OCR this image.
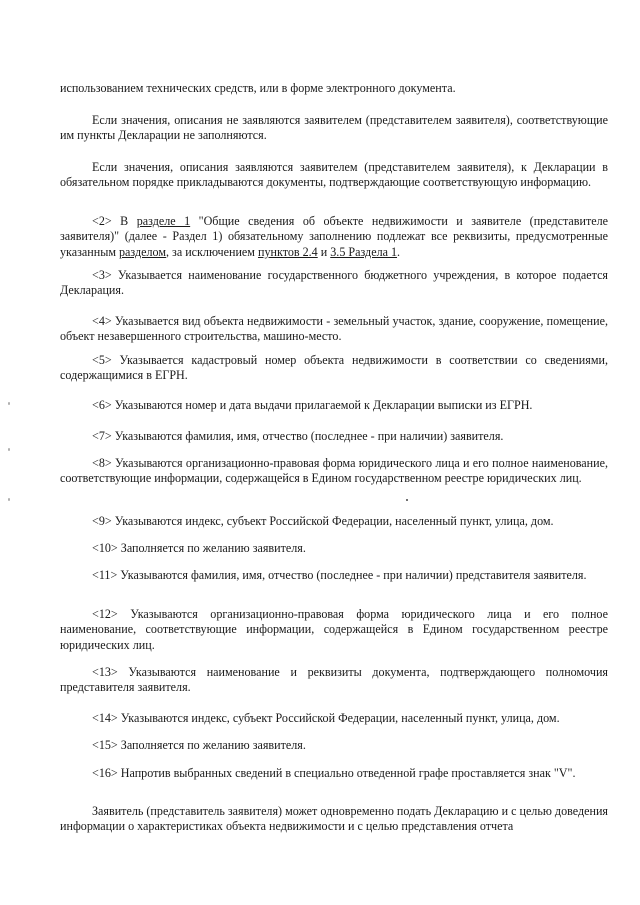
использованием технических средств, или в форме электронного документа.

Если значения, описания не заявляются заявителем (представителем заявителя), соответствующие им пункты Декларации не заполняются.

Если значения, описания заявляются заявителем (представителем заявителя), к Декларации в обязательном порядке прикладываются документы, подтверждающие соответствующую информацию.

<2> В разделе 1 "Общие сведения об объекте недвижимости и заявителе (представителе заявителя)" (далее - Раздел 1) обязательному заполнению подлежат все реквизиты, предусмотренные указанным разделом, за исключением пунктов 2.4 и 3.5 Раздела 1.

<3> Указывается наименование государственного бюджетного учреждения, в которое подается Декларация.

<4> Указывается вид объекта недвижимости - земельный участок, здание, сооружение, помещение, объект незавершенного строительства, машино-место.

<5> Указывается кадастровый номер объекта недвижимости в соответствии со сведениями, содержащимися в ЕГРН.

<6> Указываются номер и дата выдачи прилагаемой к Декларации выписки из ЕГРН.

<7> Указываются фамилия, имя, отчество (последнее - при наличии) заявителя.

<8> Указываются организационно-правовая форма юридического лица и его полное наименование, соответствующие информации, содержащейся в Едином государственном реестре юридических лиц.

<9> Указываются индекс, субъект Российской Федерации, населенный пункт, улица, дом.

<10> Заполняется по желанию заявителя.

<11> Указываются фамилия, имя, отчество (последнее - при наличии) представителя заявителя.

<12> Указываются организационно-правовая форма юридического лица и его полное наименование, соответствующие информации, содержащейся в Едином государственном реестре юридических лиц.

<13> Указываются наименование и реквизиты документа, подтверждающего полномочия представителя заявителя.

<14> Указываются индекс, субъект Российской Федерации, населенный пункт, улица, дом.

<15> Заполняется по желанию заявителя.

<16> Напротив выбранных сведений в специально отведенной графе проставляется знак "V".

Заявитель (представитель заявителя) может одновременно подать Декларацию и с целью доведения информации о характеристиках объекта недвижимости и с целью представления отчета
